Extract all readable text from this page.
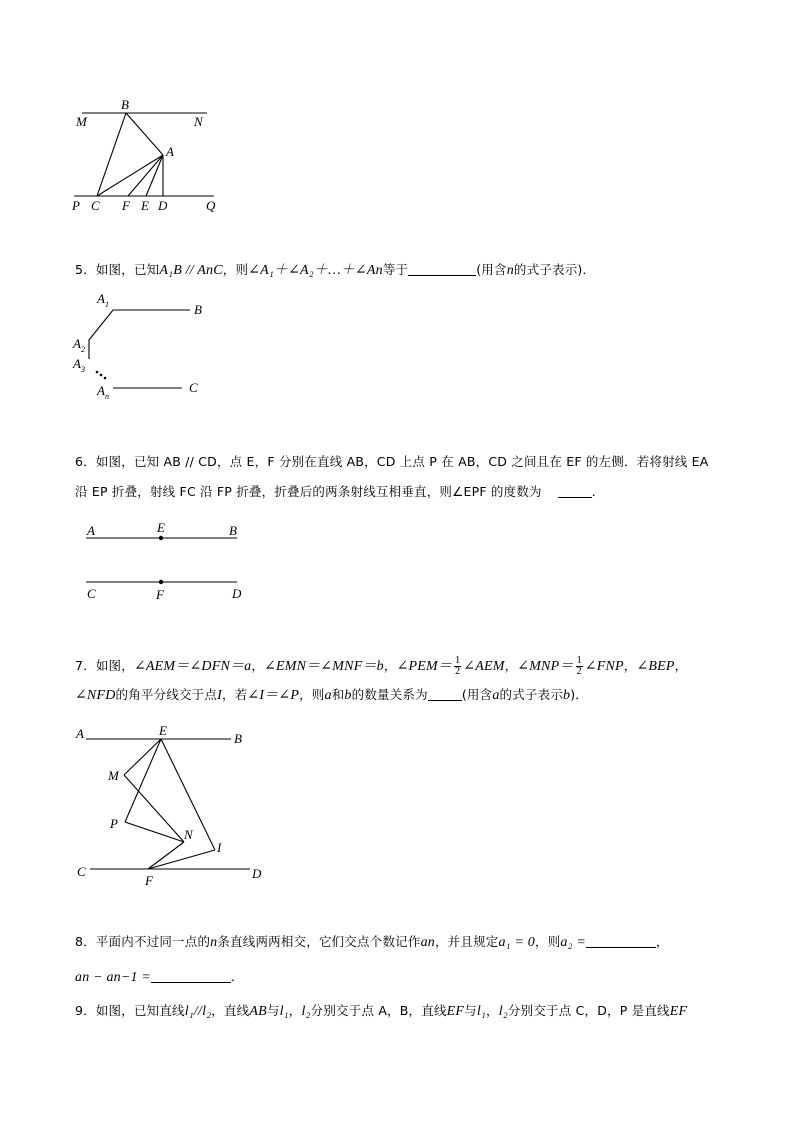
M	N
B
A
P C F E D	Q
5．如图，已知A₁B // AnC，则∠A₁＋∠A₂＋…＋∠An等于	(用含n的式子表示)．
$A_1$	B
$A_2$
$A_3$
C
$A_n$
6．如图，已知 AB // CD，点 E，F 分别在直线 AB，CD 上点 P 在 AB，CD 之间且在 EF 的左侧．若将射线 EA
沿 EP 折叠，射线 FC 沿 FP 折叠，折叠后的两条射线互相垂直，则∠EPF 的度数为	．
A	E	B
C	F	D
7．如图，∠AEM＝∠DFN＝a，∠EMN＝∠MNF＝b，∠PEM＝ $\frac{1}{2}$ ∠AEM，∠MNP＝ $\frac{1}{2}$ ∠FNP，∠BEP，
∠NFD的角平分线交于点I，若∠I＝∠P，则a和b的数量关系为	(用含a的式子表示b)．
A	E
B
M
P
N
I
C
F	D
8．平面内不过同一点的n条直线两两相交，它们交点个数记作an，并且规定a₁ = 0，则a₂ =	，
an − an−1 =	．
9．如图，已知直线l₁//l₂，直线AB与l₁，l₂分别交于点 A，B，直线EF与l₁，l₂分别交于点 C，D，P 是直线EF
